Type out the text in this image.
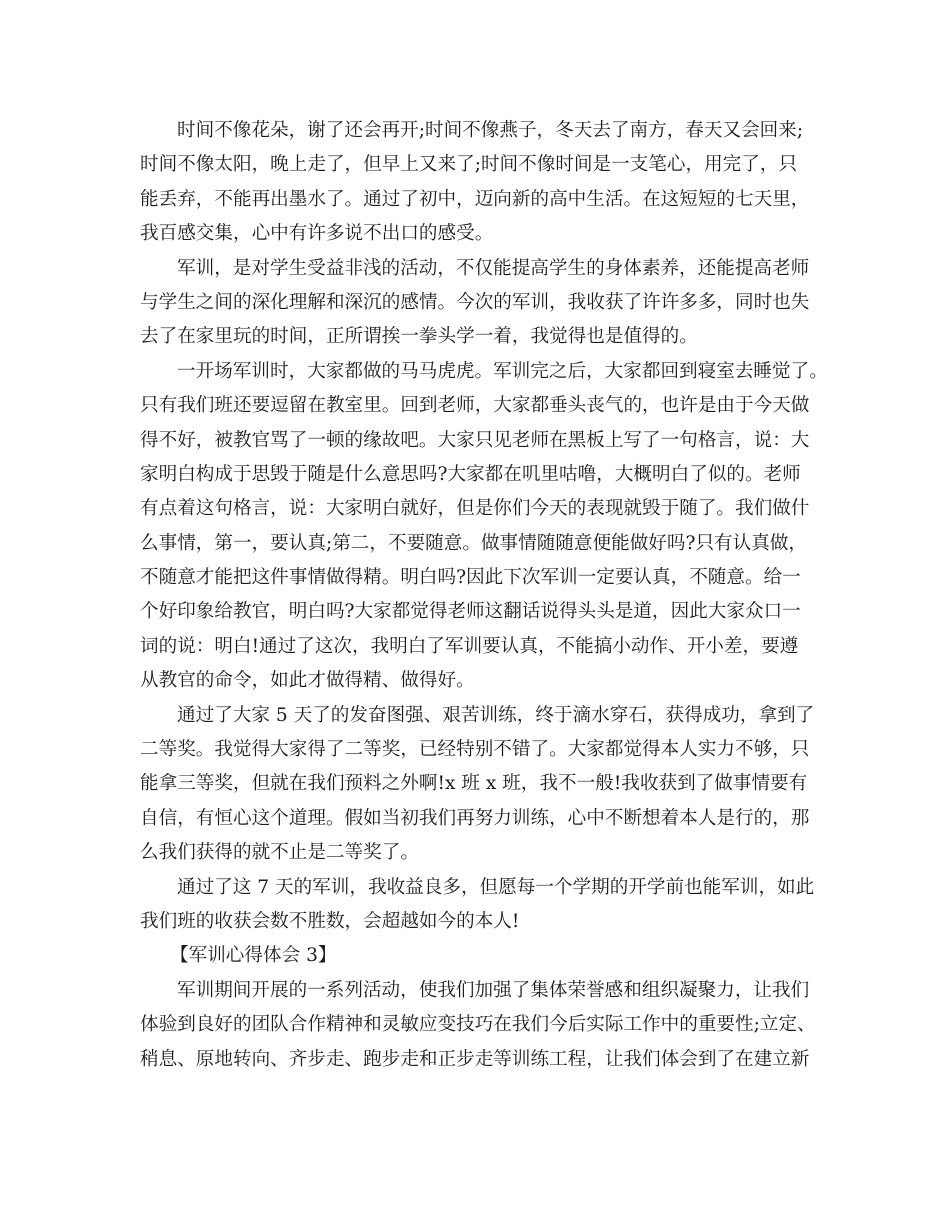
时间不像花朵，谢了还会再开;时间不像燕子，冬天去了南方，春天又会回来;
时间不像太阳，晚上走了，但早上又来了;时间不像时间是一支笔心，用完了，只
能丢弃，不能再出墨水了。通过了初中，迈向新的高中生活。在这短短的七天里，
我百感交集，心中有许多说不出口的感受。
军训，是对学生受益非浅的活动，不仅能提高学生的身体素养，还能提高老师
与学生之间的深化理解和深沉的感情。今次的军训，我收获了许许多多，同时也失
去了在家里玩的时间，正所谓挨一拳头学一着，我觉得也是值得的。
一开场军训时，大家都做的马马虎虎。军训完之后，大家都回到寝室去睡觉了。
只有我们班还要逗留在教室里。回到老师，大家都垂头丧气的，也许是由于今天做
得不好，被教官骂了一顿的缘故吧。大家只见老师在黑板上写了一句格言，说：大
家明白构成于思毁于随是什么意思吗?大家都在叽里咕噜，大概明白了似的。老师
有点着这句格言，说：大家明白就好，但是你们今天的表现就毁于随了。我们做什
么事情，第一，要认真;第二，不要随意。做事情随随意便能做好吗?只有认真做，
不随意才能把这件事情做得精。明白吗?因此下次军训一定要认真，不随意。给一
个好印象给教官，明白吗?大家都觉得老师这翻话说得头头是道，因此大家众口一
词的说：明白!通过了这次，我明白了军训要认真，不能搞小动作、开小差，要遵
从教官的命令，如此才做得精、做得好。
通过了大家 5 天了的发奋图强、艰苦训练，终于滴水穿石，获得成功，拿到了
二等奖。我觉得大家得了二等奖，已经特别不错了。大家都觉得本人实力不够，只
能拿三等奖，但就在我们预料之外啊!x 班 x 班，我不一般!我收获到了做事情要有
自信，有恒心这个道理。假如当初我们再努力训练，心中不断想着本人是行的，那
么我们获得的就不止是二等奖了。
通过了这 7 天的军训，我收益良多，但愿每一个学期的开学前也能军训，如此
我们班的收获会数不胜数，会超越如今的本人!
【军训心得体会 3】
军训期间开展的一系列活动，使我们加强了集体荣誉感和组织凝聚力，让我们
体验到良好的团队合作精神和灵敏应变技巧在我们今后实际工作中的重要性;立定、
稍息、原地转向、齐步走、跑步走和正步走等训练工程，让我们体会到了在建立新
